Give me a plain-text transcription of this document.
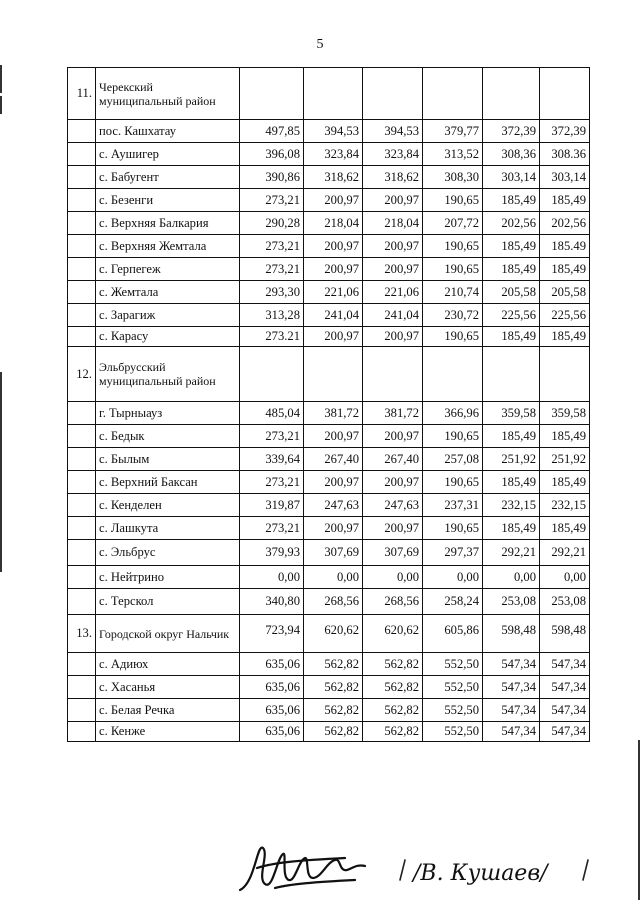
5
11.	Черекский муниципальный район						
	пос. Кашхатау	497,85	394,53	394,53	379,77	372,39	372,39
	с. Аушигер	396,08	323,84	323,84	313,52	308,36	308.36
	с. Бабугент	390,86	318,62	318,62	308,30	303,14	303,14
	с. Безенги	273,21	200,97	200,97	190,65	185,49	185,49
	с. Верхняя Балкария	290,28	218,04	218,04	207,72	202,56	202,56
	с. Верхняя Жемтала	273,21	200,97	200,97	190,65	185,49	185.49
	с. Герпегеж	273,21	200,97	200,97	190,65	185,49	185,49
	с. Жемтала	293,30	221,06	221,06	210,74	205,58	205,58
	с. Зарагиж	313,28	241,04	241,04	230,72	225,56	225,56
	с. Карасу	273.21	200,97	200,97	190,65	185,49	185,49
12.	Эльбрусский муниципальный район						
	г. Тырныауз	485,04	381,72	381,72	366,96	359,58	359,58
	с. Бедык	273,21	200,97	200,97	190,65	185,49	185,49
	с. Былым	339,64	267,40	267,40	257,08	251,92	251,92
	с. Верхний Баксан	273,21	200,97	200,97	190,65	185,49	185,49
	с. Кенделен	319,87	247,63	247,63	237,31	232,15	232,15
	с. Лашкута	273,21	200,97	200,97	190,65	185,49	185,49
	с. Эльбрус	379,93	307,69	307,69	297,37	292,21	292,21
	с. Нейтрино	0,00	0,00	0,00	0,00	0,00	0,00
	с. Терскол	340,80	268,56	268,56	258,24	253,08	253,08
13.	Городской округ Нальчик	723,94	620,62	620,62	605,86	598,48	598,48
	с. Адиюх	635,06	562,82	562,82	552,50	547,34	547,34
	с. Хасанья	635,06	562,82	562,82	552,50	547,34	547,34
	с. Белая Речка	635,06	562,82	562,82	552,50	547,34	547,34
	с. Кенже	635,06	562,82	562,82	552,50	547,34	547,34
/В. Кушаев/
